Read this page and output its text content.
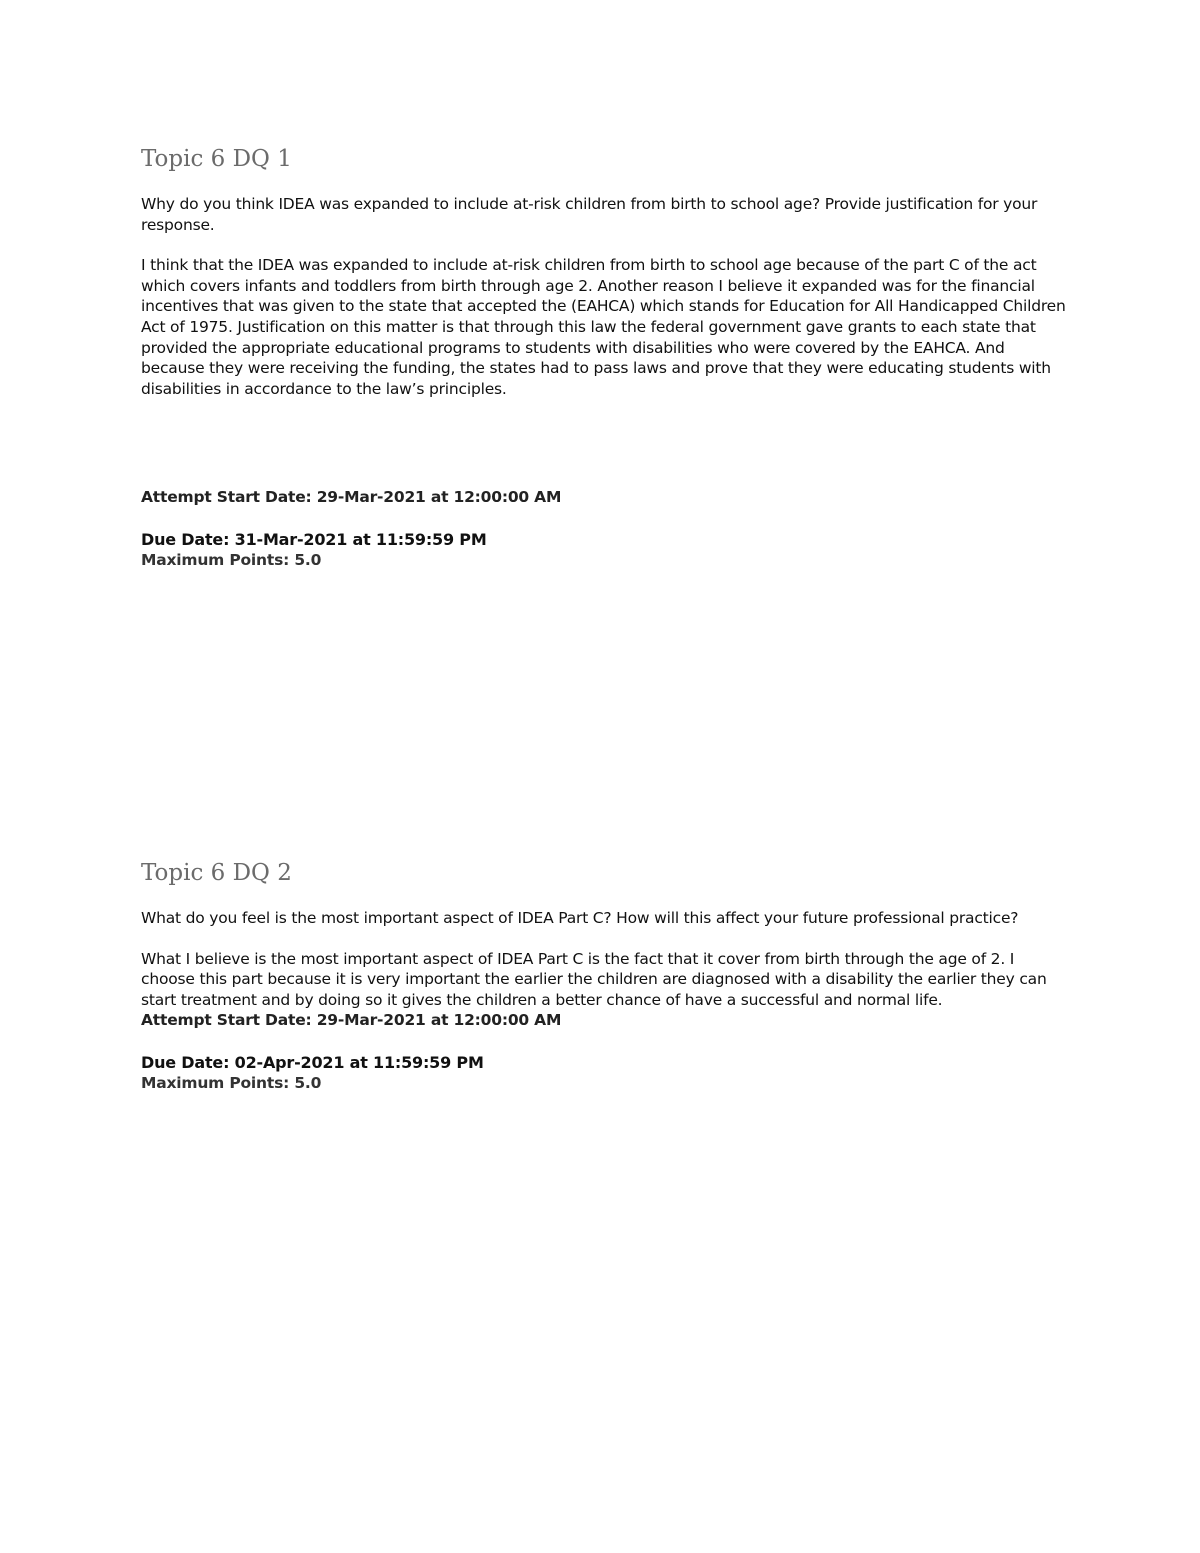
Topic 6 DQ 1

Why do you think IDEA was expanded to include at-risk children from birth to school age? Provide justification for your response.

I think that the IDEA was expanded to include at-risk children from birth to school age because of the part C of the act which covers infants and toddlers from birth through age 2. Another reason I believe it expanded was for the financial incentives that was given to the state that accepted the (EAHCA) which stands for Education for All Handicapped Children Act of 1975. Justification on this matter is that through this law the federal government gave grants to each state that provided the appropriate educational programs to students with disabilities who were covered by the EAHCA. And because they were receiving the funding, the states had to pass laws and prove that they were educating students with disabilities in accordance to the law’s principles.

Attempt Start Date: 29-Mar-2021 at 12:00:00 AM

Due Date: 31-Mar-2021 at 11:59:59 PM

Maximum Points: 5.0

Topic 6 DQ 2

What do you feel is the most important aspect of IDEA Part C? How will this affect your future professional practice?

What I believe is the most important aspect of IDEA Part C is the fact that it cover from birth through the age of 2. I choose this part because it is very important the earlier the children are diagnosed with a disability the earlier they can start treatment and by doing so it gives the children a better chance of have a successful and normal life.

Attempt Start Date: 29-Mar-2021 at 12:00:00 AM

Due Date: 02-Apr-2021 at 11:59:59 PM

Maximum Points: 5.0
